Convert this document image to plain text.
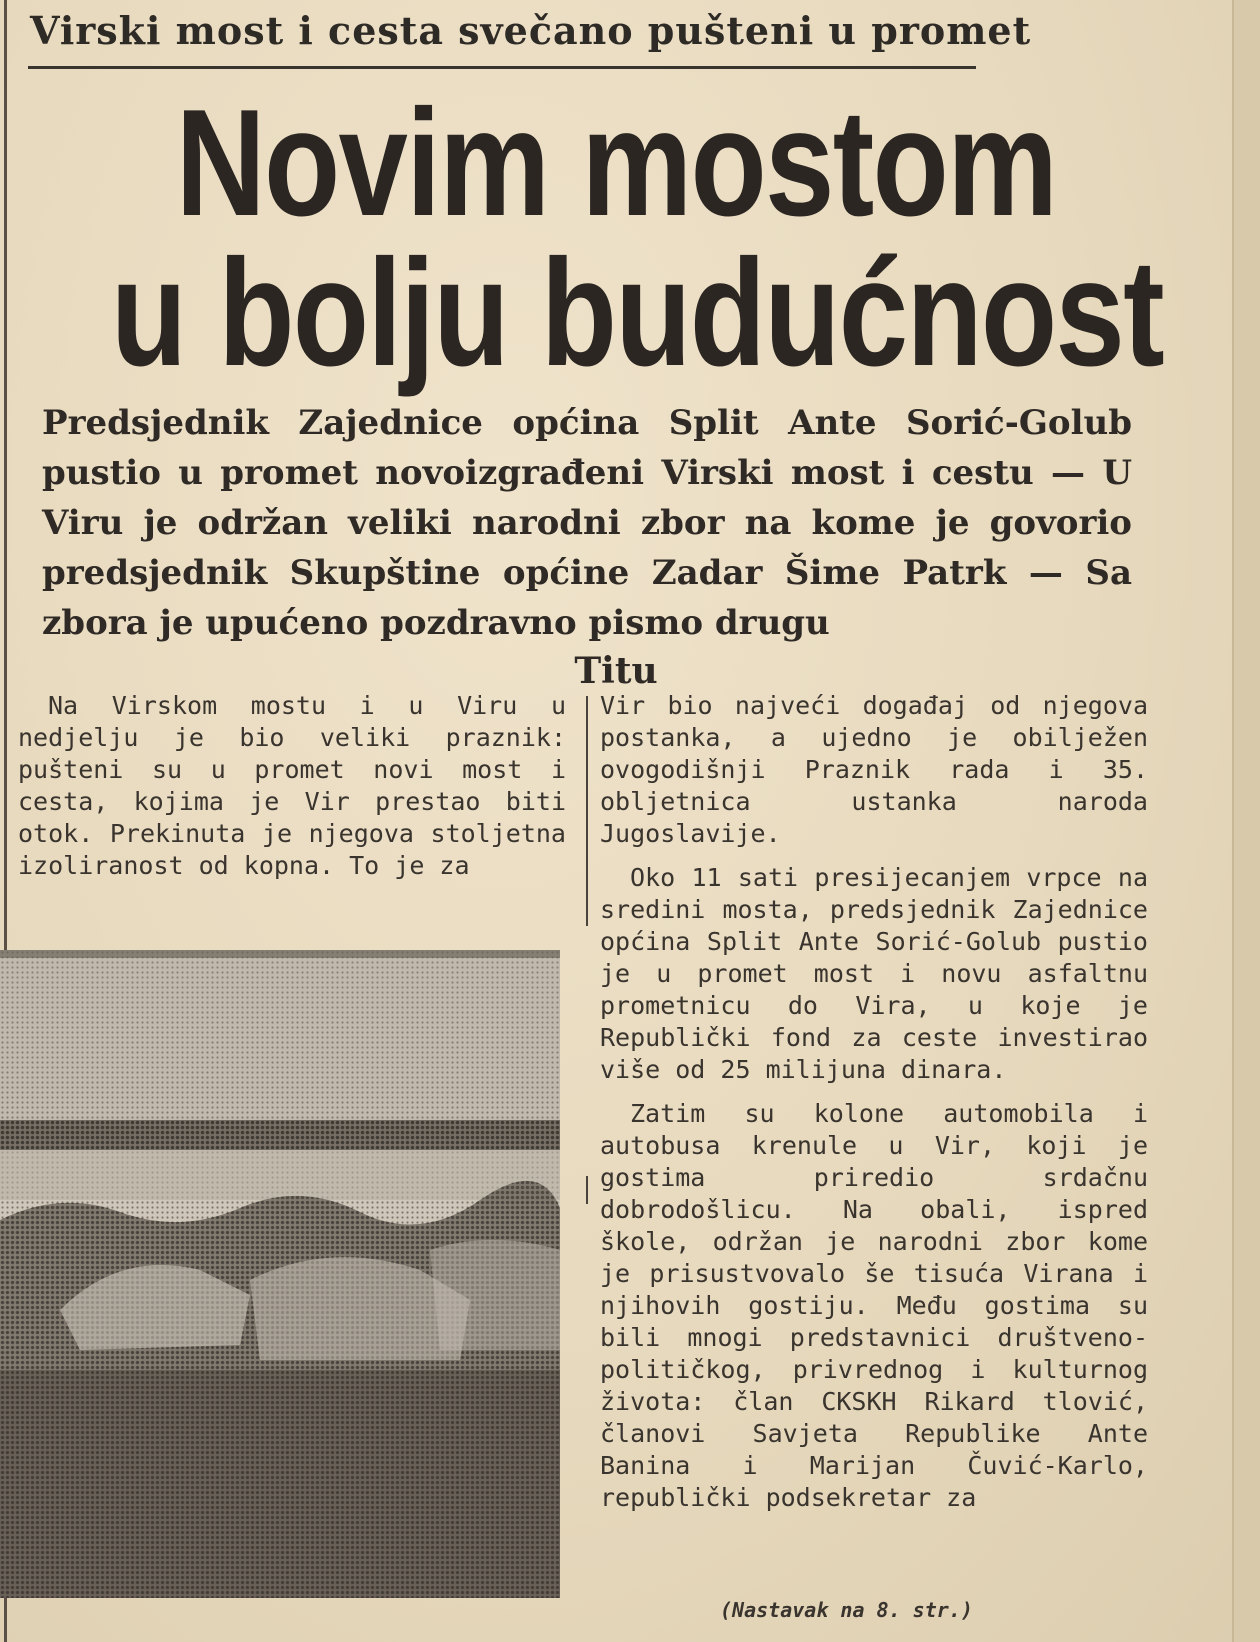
Virski most i cesta svečano pušteni u promet
Novim mostom
u bolju budućnost
Predsjednik Zajednice općina Split Ante Sorić-Golub pustio u promet novoizgrađeni Virski most i cestu — U Viru je održan veliki narodni zbor na kome je govorio predsjednik Skupštine općine Zadar Šime Patrk — Sa zbora je upućeno pozdravno pismo drugu
Titu

Na Virskom mostu i u Viru u nedjelju je bio veliki praznik: pušteni su u promet novi most i cesta, kojima je Vir prestao biti otok. Prekinuta je njegova stoljetna izoliranost od kopna. To je za

Vir bio najveći događaj od njegova postanka, a ujedno je obilježen ovogodišnji Praznik rada i 35. obljetnica ustanka naroda Jugoslavije.

Oko 11 sati presijecanjem vrpce na sredini mosta, predsjednik Zajednice općina Split Ante Sorić-Golub pustio je u promet most i novu asfaltnu prometnicu do Vira, u koje je Republički fond za ceste investirao više od 25 milijuna dinara.

Zatim su kolone automobila i autobusa krenule u Vir, koji je gostima priredio srdačnu dobrodošlicu. Na obali, ispred škole, održan je narodni zbor kome je prisustvovalo še tisuća Virana i njihovih gostiju. Među gostima su bili mnogi predstavnici društveno-političkog, privrednog i kulturnog života: član CKSKH Rikard tlović, članovi Savjeta Republike Ante Banina i Marijan Čuvić-Karlo, republički podsekretar za

(Nastavak na 8. str.)
